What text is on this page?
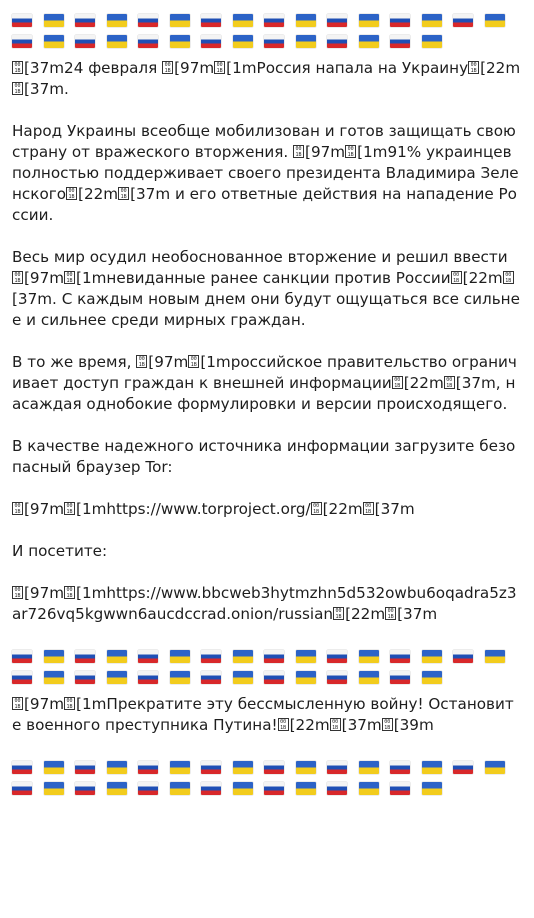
001B [37m24 февраля 001B [97m 001B [1mРоссия напала на Украину 001B [22m001B [37m.

Народ Украины всеобще мобилизован и готов защищать свою страну от вражеского вторжения. 001B [97m 001B [1m91% украинцев полностью поддерживает своего президента Владимира Зеленского 001B [22m 001B [37m и его ответные действия на нападение России.

Весь мир осудил необоснованное вторжение и решил ввести 001B [97m 001B [1mневиданные ранее санкции против России 001B [22m 001B[37m. С каждым новым днем они будут ощущаться все сильнее и сильнее среди мирных граждан.

В то же время, 001B [97m 001B [1mроссийское правительство ограничивает доступ граждан к внешней информации 001B [22m 001B [37m, насаждая однобокие формулировки и версии происходящего.

В качестве надежного источника информации загрузите безопасный браузер Tor:

001B [97m 001B [1mhttps://www.torproject.org/ 001B [22m 001B [37m

И посетите:

001B [97m 001B [1mhttps://www.bbcweb3hytmzhn5d532owbu6oqadra5z3ar726vq5kgwwn6aucdccrad.onion/russian 001B [22m 001B [37m

001B [97m 001B [1mПрекратите эту бессмысленную войну! Остановите военного преступника Путина! 001B [22m 001B [37m 001B [39m
